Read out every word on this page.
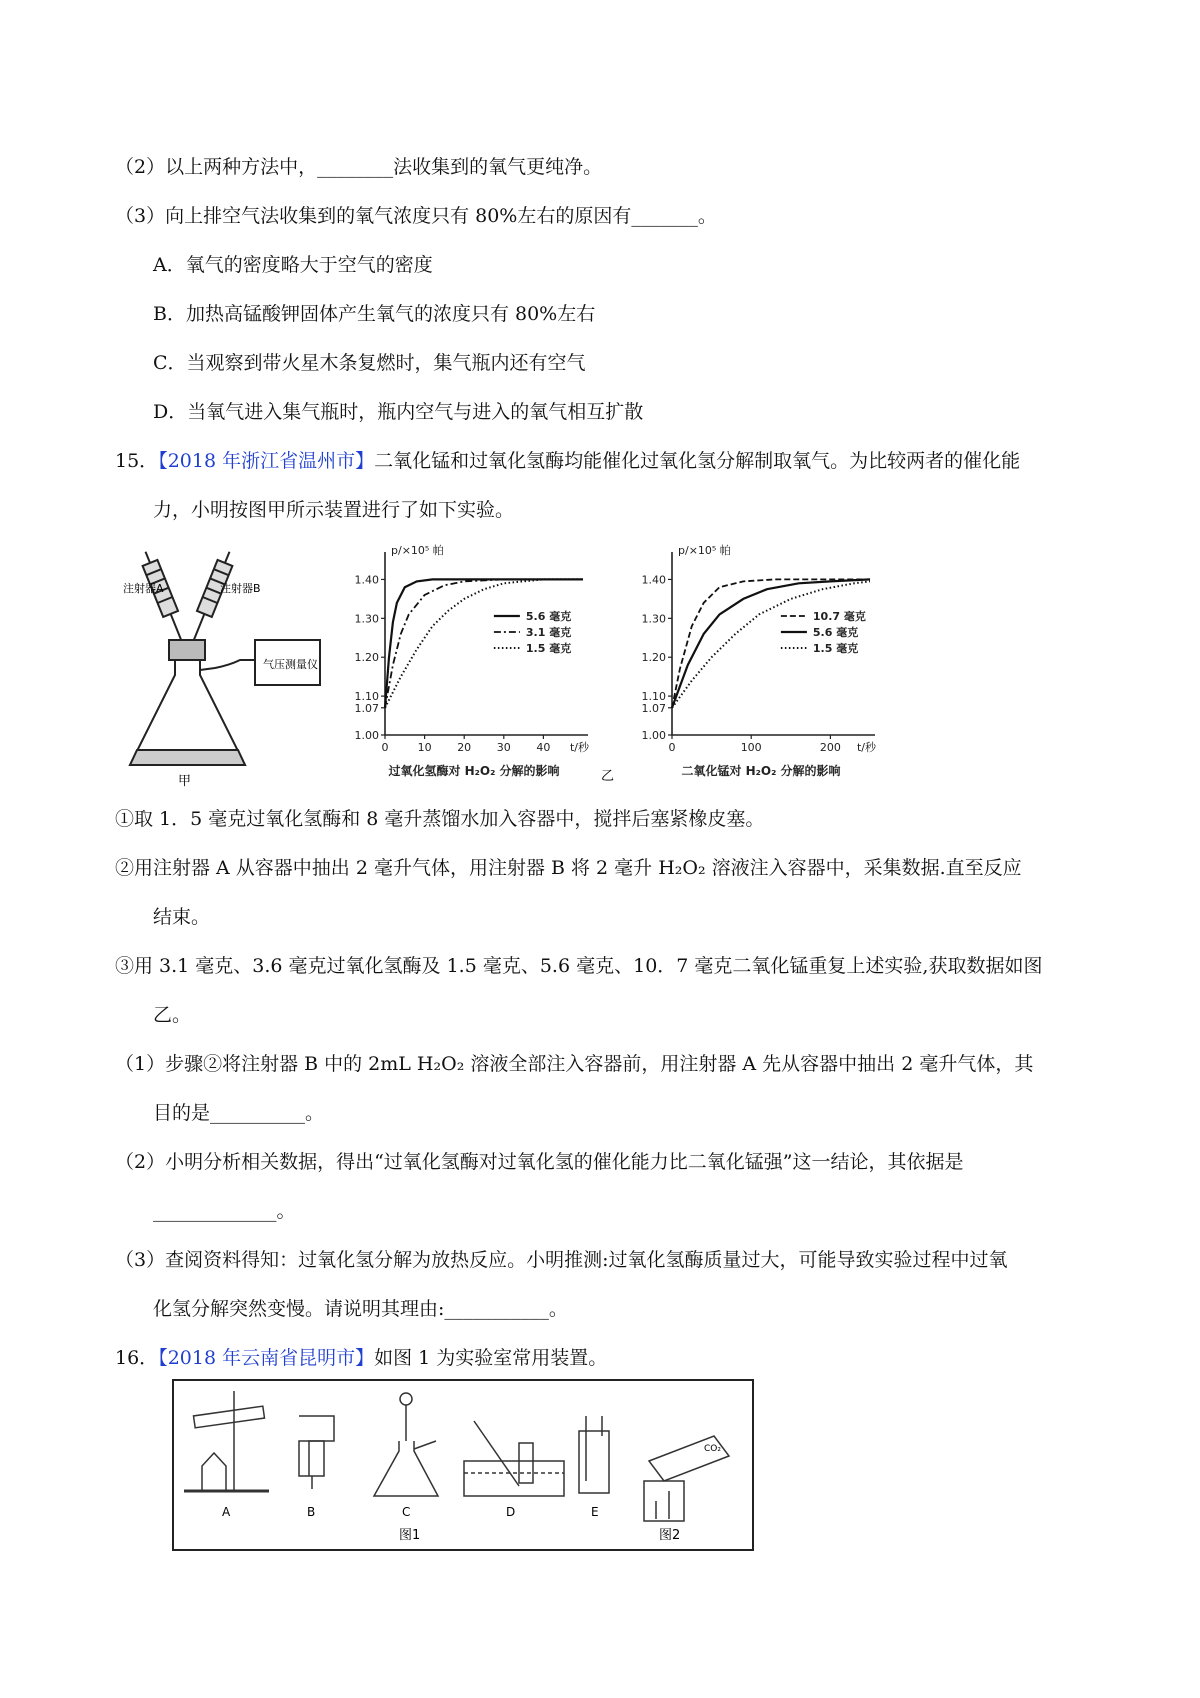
（2）以上两种方法中，________法收集到的氧气更纯净。
（3）向上排空气法收集到的氧气浓度只有 80%左右的原因有_______。
A．氧气的密度略大于空气的密度
B．加热高锰酸钾固体产生氧气的浓度只有 80%左右
C．当观察到带火星木条复燃时，集气瓶内还有空气
D．当氧气进入集气瓶时，瓶内空气与进入的氧气相互扩散
15．【2018 年浙江省温州市】二氧化锰和过氧化氢酶均能催化过氧化氢分解制取氧气。为比较两者的催化能
力，小明按图甲所示装置进行了如下实验。
注射器A	注射器B
气压测量仪
甲
1.00
1.07
1.10
1.20
1.30
1.40
0	10 20 30 40
p/×10⁵ 帕
t/秒
过氧化氢酶对 H₂O₂ 分解的影响
5.6 毫克
3.1 毫克
1.5 毫克
1.00
1.07
1.10
1.20
1.30
1.40
0	100	200
p/×10⁵ 帕
t/秒
二氧化锰对 H₂O₂ 分解的影响
10.7 毫克
5.6 毫克
1.5 毫克
乙
①取 1．5 毫克过氧化氢酶和 8 毫升蒸馏水加入容器中，搅拌后塞紧橡皮塞。
②用注射器 A 从容器中抽出 2 毫升气体，用注射器 B 将 2 毫升 H₂O₂ 溶液注入容器中，采集数据.直至反应
结束。
③用 3.1 毫克、3.6 毫克过氧化氢酶及 1.5 毫克、5.6 毫克、10．7 毫克二氧化锰重复上述实验,获取数据如图
乙。
（1）步骤②将注射器 B 中的 2mL H₂O₂ 溶液全部注入容器前，用注射器 A 先从容器中抽出 2 毫升气体，其
目的是__________。
（2）小明分析相关数据，得出“过氧化氢酶对过氧化氢的催化能力比二氧化锰强”这一结论，其依据是
_____________。
（3）查阅资料得知：过氧化氢分解为放热反应。小明推测:过氧化氢酶质量过大，可能导致实验过程中过氧
化氢分解突然变慢。请说明其理由:___________。
16．【2018 年云南省昆明市】如图 1 为实验室常用装置。
A	B	C	D	E
图1	图2
CO₂
